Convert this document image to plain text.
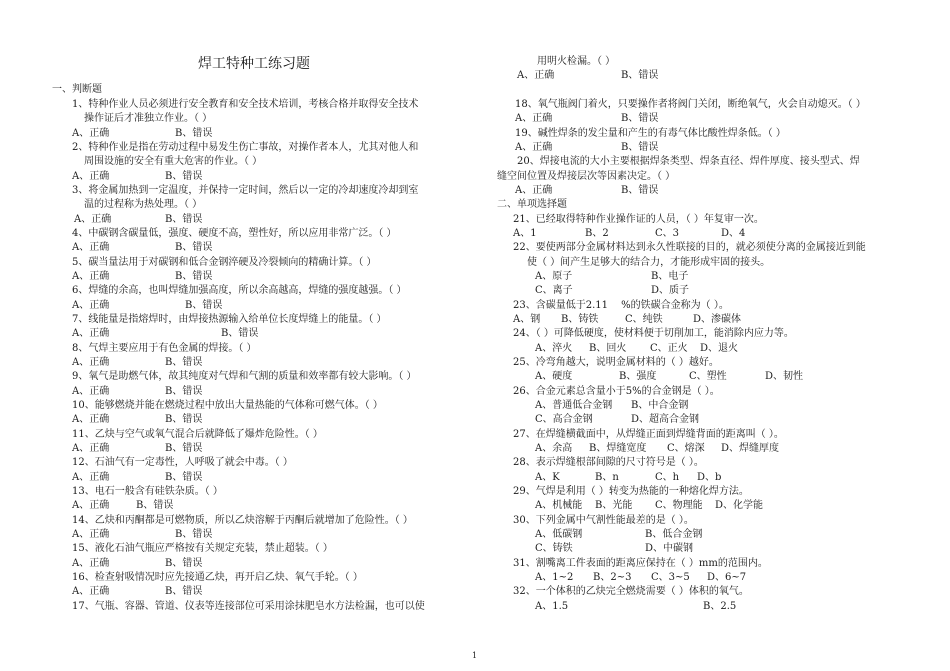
一、判断题
1、特种作业人员必须进行安全教育和安全技术培训，考核合格并取得安全技术
操作证后才准独立作业。（ ）
A、正确	B、错误
2、特种作业是指在劳动过程中易发生伤亡事故，对操作者本人，尤其对他人和
周围设施的安全有重大危害的作业。（ ）
A、正确	B、错误
3、将金属加热到一定温度，并保持一定时间，然后以一定的冷却速度冷却到室
温的过程称为热处理。（ ）
A、正确	B、错误
4、中碳钢含碳量低，强度、硬度不高，塑性好，所以应用非常广泛。（ ）
A、正确	B、错误
5、碳当量法用于对碳钢和低合金钢淬硬及冷裂倾向的精确计算。（ ）
A、正确	B、错误
6、焊缝的余高，也叫焊缝加强高度，所以余高越高，焊缝的强度越强。（ ）
A、正确	B、错误
7、线能量是指熔焊时，由焊接热源输入给单位长度焊缝上的能量。（ ）
A、正确	B、错误
8、气焊主要应用于有色金属的焊接。（ ）
A、正确	B、错误
9、氧气是助燃气体，故其纯度对气焊和气割的质量和效率都有较大影响。（ ）
A、正确	B、错误
10、能够燃烧并能在燃烧过程中放出大量热能的气体称可燃气体。（ ）
A、正确	B、错误
11、乙炔与空气或氧气混合后就降低了爆炸危险性。（ ）
A、正确	B、错误
12、石油气有一定毒性，人呼吸了就会中毒。（ ）
A、正确	B、错误
13、电石一般含有硅铁杂质。（ ）
A、正确	B、错误
14、乙炔和丙酮都是可燃物质，所以乙炔溶解于丙酮后就增加了危险性。（ ）
A、正确	B、错误
15、液化石油气瓶应严格按有关规定充装，禁止超装。（ ）
A、正确	B、错误
16、检查射吸情况时应先接通乙炔，再开启乙炔、氧气手轮。（ ）
A、正确	B、错误
17、气瓶、容器、管道、仪表等连接部位可采用涂抹肥皂水方法检漏，也可以使
用明火检漏。（ ）
A、正确	B、错误
18、氧气瓶阀门着火，只要操作者将阀门关闭，断绝氧气，火会自动熄灭。（ ）
A、正确	B、错误
19、碱性焊条的发尘量和产生的有毒气体比酸性焊条低。（ ）
A、正确	B、错误
20、焊接电流的大小主要根据焊条类型、焊条直径、焊件厚度、接头型式、焊
缝空间位置及焊接层次等因素决定。（ ）
A、正确	B、错误
二、单项选择题
21、已经取得特种作业操作证的人员，（ ）年复审一次。
A、1	B、2	C、3	D、4
22、要使两部分金属材料达到永久性联接的目的，就必须使分离的金属接近到能
使（ ）间产生足够大的结合力，才能形成牢固的接头。
A、原子	B、电子
C、离子	D、质子
23、含碳量低于2.11　 %的铁碳合金称为（ ）。
A、钢 B、铸铁	C、纯铁	D、渗碳体
24、（ ）可降低硬度，使材料便于切削加工，能消除内应力等。
A、淬火 B、回火 C、正火 D、退火
25、冷弯角越大，说明金属材料的（ ）越好。
A、硬度	B、强度	C、塑性	D、韧性
26、合金元素总含量小于5%的合金钢是（ ）。
A、普通低合金钢 B、中合金钢
C、高合金钢	D、超高合金钢
27、在焊缝横截面中，从焊缝正面到焊缝背面的距离叫（ ）。
A、余高 B、焊缝宽度 C、熔深 D、焊缝厚度
28、表示焊缝根部间隙的尺寸符号是（ ）。
A、K	B、n	C、h D、b
29、气焊是利用（ ）转变为热能的一种熔化焊方法。
A、机械能 B、光能 C、物理能 D、化学能
30、下列金属中气割性能最差的是（ ）。
A、低碳钢	B、低合金钢
C、铸铁	D、中碳钢
31、割嘴离工件表面的距离应保持在（ ）mm的范围内。
A、1~2 B、2~3 C、3~5 D、6~7
32、一个体积的乙炔完全燃烧需要（ ）体积的氧气。
A、1.5	B、2.5
焊工特种工练习题
1
